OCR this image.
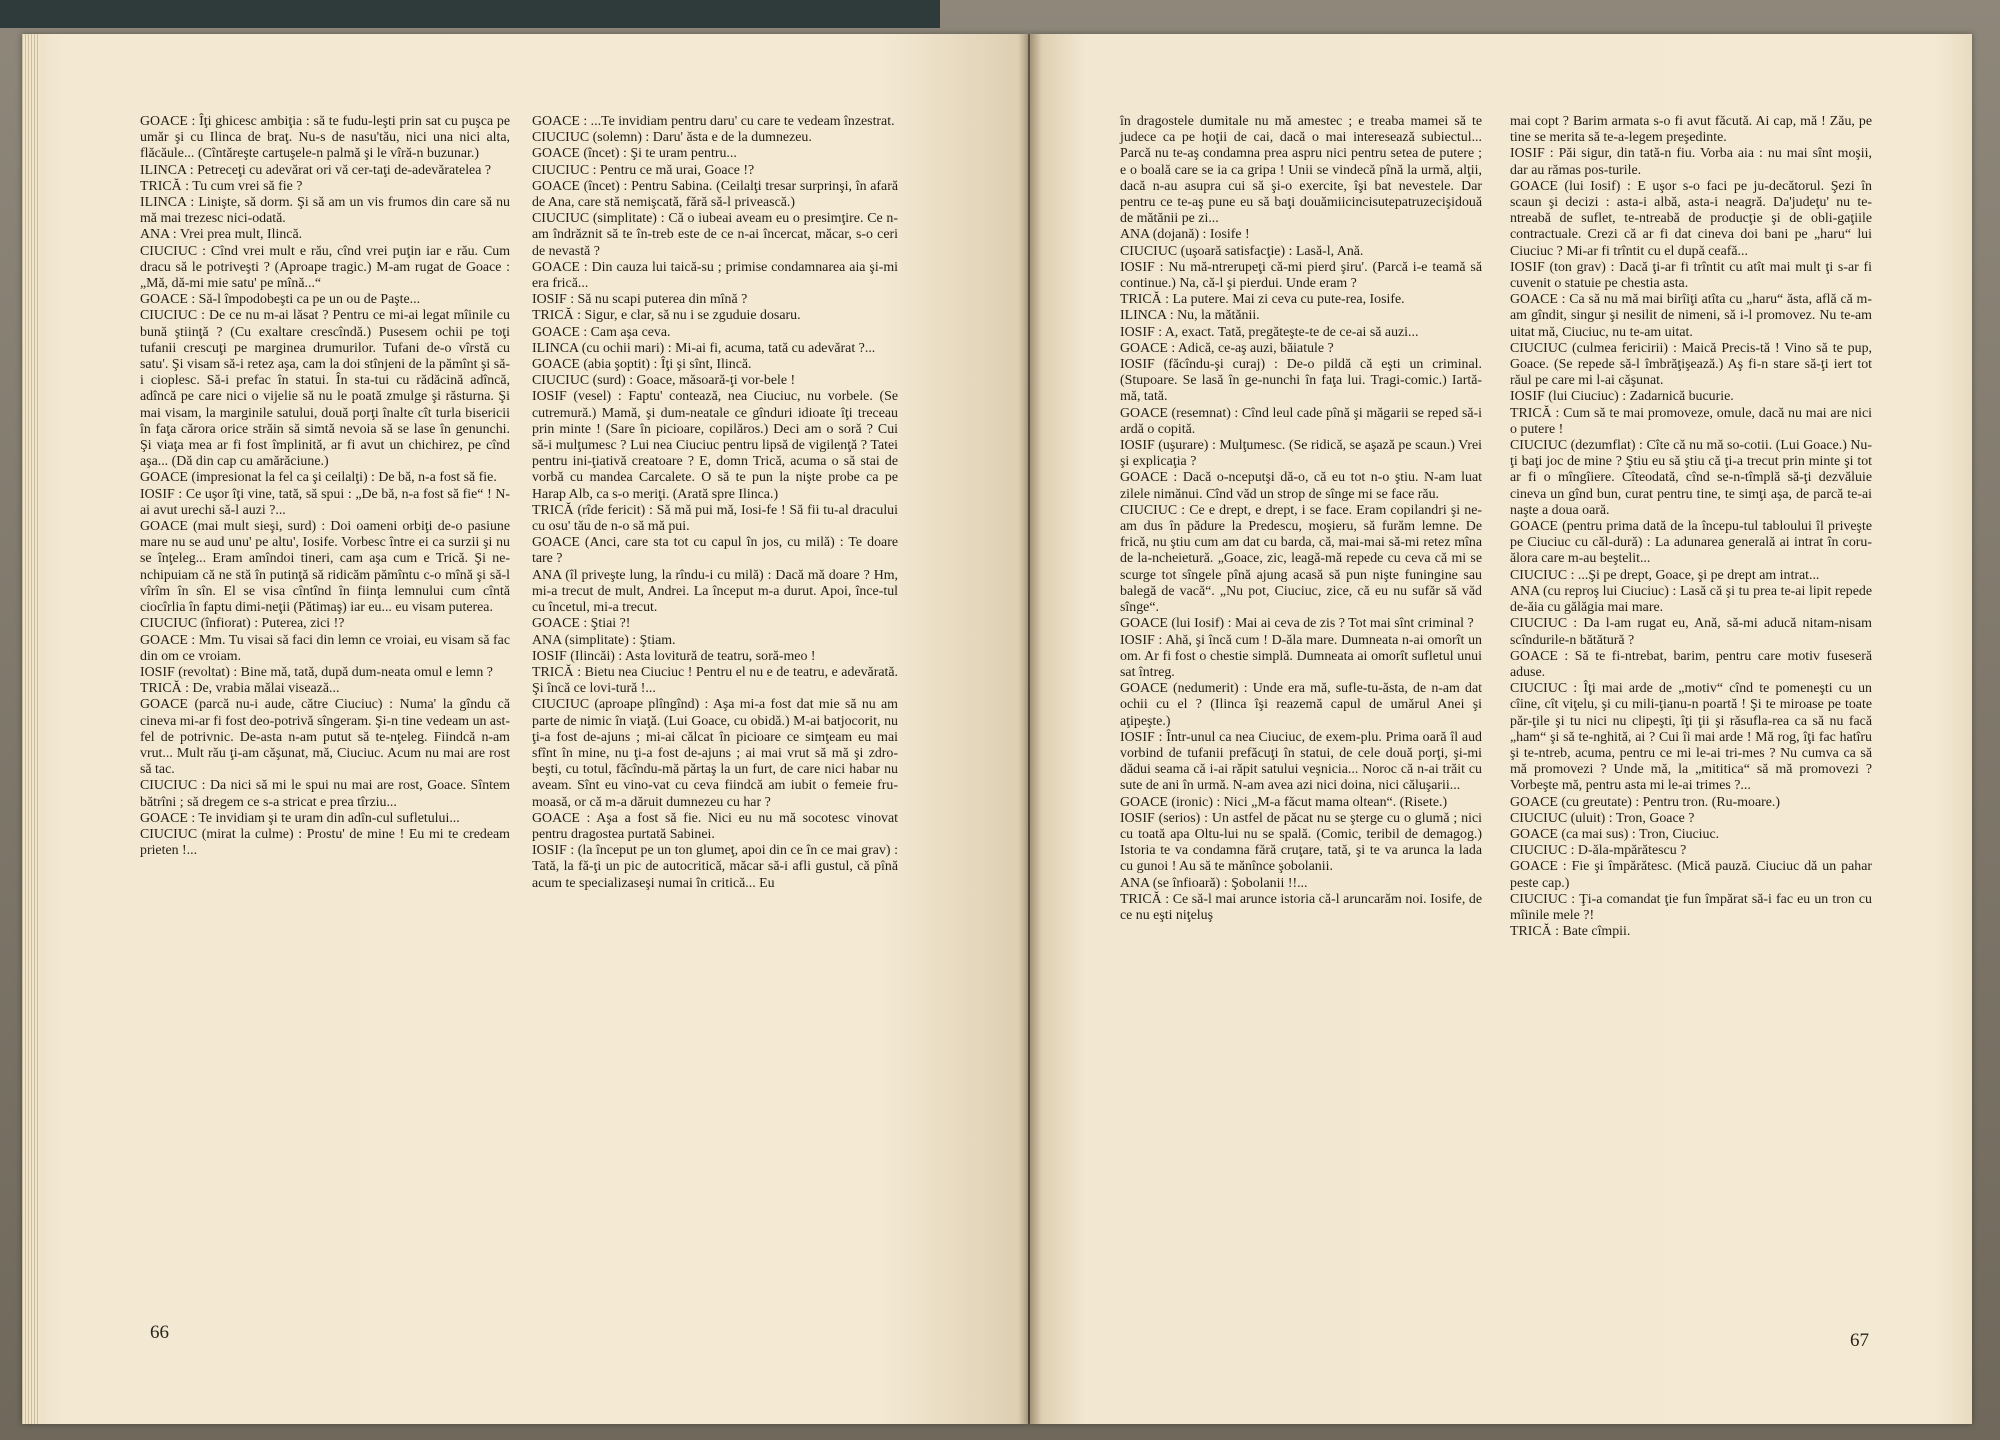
GOACE : Îţi ghicesc ambiţia : să te fudu-leşti prin sat cu puşca pe umăr şi cu Ilinca de braţ. Nu-s de nasu'tău, nici una nici alta, flăcăule... (Cîntăreşte cartuşele-n palmă şi le vîră-n buzunar.)

ILINCA : Petreceţi cu adevărat ori vă cer-taţi de-adevăratelea ?

TRICĂ : Tu cum vrei să fie ?

ILINCA : Linişte, să dorm. Şi să am un vis frumos din care să nu mă mai trezesc nici-odată.

ANA : Vrei prea mult, Ilincă.

CIUCIUC : Cînd vrei mult e rău, cînd vrei puţin iar e rău. Cum dracu să le potriveşti ? (Aproape tragic.) M-am rugat de Goace : „Mă, dă-mi mie satu' pe mînă...“

GOACE : Să-l împodobeşti ca pe un ou de Paşte...

CIUCIUC : De ce nu m-ai lăsat ? Pentru ce mi-ai legat mîinile cu bună ştiinţă ? (Cu exaltare crescîndă.) Pusesem ochii pe toţi tufanii crescuţi pe marginea drumurilor. Tufani de-o vîrstă cu satu'. Şi visam să-i retez aşa, cam la doi stînjeni de la pămînt şi să-i cioplesc. Să-i prefac în statui. În sta-tui cu rădăcină adîncă, adîncă pe care nici o vijelie să nu le poată zmulge şi răsturna. Şi mai visam, la marginile satului, două porţi înalte cît turla bisericii în faţa cărora orice străin să simtă nevoia să se lase în genunchi. Şi viaţa mea ar fi fost împlinită, ar fi avut un chichirez, pe cînd aşa... (Dă din cap cu amărăciune.)

GOACE (impresionat la fel ca şi ceilalţi) : De bă, n-a fost să fie.

IOSIF : Ce uşor îţi vine, tată, să spui : „De bă, n-a fost să fie“ ! N-ai avut urechi să-l auzi ?...

GOACE (mai mult sieşi, surd) : Doi oameni orbiţi de-o pasiune mare nu se aud unu' pe altu', Iosife. Vorbesc între ei ca surzii şi nu se înţeleg... Eram amîndoi tineri, cam aşa cum e Trică. Şi ne-nchipuiam că ne stă în putinţă să ridicăm pămîntu c-o mînă şi să-l vîrîm în sîn. El se visa cîntînd în fiinţa lemnului cum cîntă ciocîrlia în faptu dimi-neţii (Pătimaş) iar eu... eu visam puterea.

CIUCIUC (înfiorat) : Puterea, zici !?

GOACE : Mm. Tu visai să faci din lemn ce vroiai, eu visam să fac din om ce vroiam.

IOSIF (revoltat) : Bine mă, tată, după dum-neata omul e lemn ?

TRICĂ : De, vrabia mălai visează...

GOACE (parcă nu-i aude, către Ciuciuc) : Numa' la gîndu că cineva mi-ar fi fost deo-potrivă sîngeram. Şi-n tine vedeam un ast-fel de potrivnic. De-asta n-am putut să te-nţeleg. Fiindcă n-am vrut... Mult rău ţi-am căşunat, mă, Ciuciuc. Acum nu mai are rost să tac.

CIUCIUC : Da nici să mi le spui nu mai are rost, Goace. Sîntem bătrîni ; să dregem ce s-a stricat e prea tîrziu...

GOACE : Te invidiam şi te uram din adîn-cul sufletului...

CIUCIUC (mirat la culme) : Prostu' de mine ! Eu mi te credeam prieten !...

GOACE : ...Te invidiam pentru daru' cu care te vedeam înzestrat.

CIUCIUC (solemn) : Daru' ăsta e de la dumnezeu.

GOACE (încet) : Şi te uram pentru...

CIUCIUC : Pentru ce mă urai, Goace !?

GOACE (încet) : Pentru Sabina. (Ceilalţi tresar surprinşi, în afară de Ana, care stă nemişcată, fără să-l privească.)

CIUCIUC (simplitate) : Că o iubeai aveam eu o presimţire. Ce n-am îndrăznit să te în-treb este de ce n-ai încercat, măcar, s-o ceri de nevastă ?

GOACE : Din cauza lui taică-su ; primise condamnarea aia şi-mi era frică...

IOSIF : Să nu scapi puterea din mînă ?

TRICĂ : Sigur, e clar, să nu i se zguduie dosaru.

GOACE : Cam aşa ceva.

ILINCA (cu ochii mari) : Mi-ai fi, acuma, tată cu adevărat ?...

GOACE (abia şoptit) : Îţi şi sînt, Ilincă.

CIUCIUC (surd) : Goace, măsoară-ţi vor-bele !

IOSIF (vesel) : Faptu' contează, nea Ciuciuc, nu vorbele. (Se cutremură.) Mamă, şi dum-neatale ce gînduri idioate îţi treceau prin minte ! (Sare în picioare, copilăros.) Deci am o soră ? Cui să-i mulţumesc ? Lui nea Ciuciuc pentru lipsă de vigilenţă ? Tatei pentru ini-ţiativă creatoare ? E, domn Trică, acuma o să stai de vorbă cu mandea Carcalete. O să te pun la nişte probe ca pe Harap Alb, ca s-o meriţi. (Arată spre Ilinca.)

TRICĂ (rîde fericit) : Să mă pui mă, Iosi-fe ! Să fii tu-al dracului cu osu' tău de n-o să mă pui.

GOACE (Anci, care sta tot cu capul în jos, cu milă) : Te doare tare ?

ANA (îl priveşte lung, la rîndu-i cu milă) : Dacă mă doare ? Hm, mi-a trecut de mult, Andrei. La început m-a durut. Apoi, înce-tul cu încetul, mi-a trecut.

GOACE : Ştiai ?!

ANA (simplitate) : Ştiam.

IOSIF (Ilincăi) : Asta lovitură de teatru, soră-meo !

TRICĂ : Bietu nea Ciuciuc ! Pentru el nu e de teatru, e adevărată. Şi încă ce lovi-tură !...

CIUCIUC (aproape plîngînd) : Aşa mi-a fost dat mie să nu am parte de nimic în viaţă. (Lui Goace, cu obidă.) M-ai batjocorit, nu ţi-a fost de-ajuns ; mi-ai călcat în picioare ce simţeam eu mai sfînt în mine, nu ţi-a fost de-ajuns ; ai mai vrut să mă şi zdro-beşti, cu totul, făcîndu-mă părtaş la un furt, de care nici habar nu aveam. Sînt eu vino-vat cu ceva fiindcă am iubit o femeie fru-moasă, or că m-a dăruit dumnezeu cu har ?

GOACE : Aşa a fost să fie. Nici eu nu mă socotesc vinovat pentru dragostea purtată Sabinei.

IOSIF : (la început pe un ton glumeţ, apoi din ce în ce mai grav) : Tată, la fă-ţi un pic de autocritică, măcar să-i afli gustul, că pînă acum te specializaseşi numai în critică... Eu

în dragostele dumitale nu mă amestec ; e treaba mamei să te judece ca pe hoţii de cai, dacă o mai interesează subiectul... Parcă nu te-aş condamna prea aspru nici pentru setea de putere ; e o boală care se ia ca gripa ! Unii se vindecă pînă la urmă, alţii, dacă n-au asupra cui să şi-o exercite, îşi bat nevestele. Dar pentru ce te-aş pune eu să baţi douămiicincisutepatruzecişidouă de mătănii pe zi...

ANA (dojană) : Iosife !

CIUCIUC (uşoară satisfacţie) : Lasă-l, Ană.

IOSIF : Nu mă-ntrerupeţi că-mi pierd şiru'. (Parcă i-e teamă să continue.) Na, că-l şi pierdui. Unde eram ?

TRICĂ : La putere. Mai zi ceva cu pute-rea, Iosife.

ILINCA : Nu, la mătănii.

IOSIF : A, exact. Tată, pregăteşte-te de ce-ai să auzi...

GOACE : Adică, ce-aş auzi, băiatule ?

IOSIF (făcîndu-şi curaj) : De-o pildă că eşti un criminal. (Stupoare. Se lasă în ge-nunchi în faţa lui. Tragi-comic.) Iartă-mă, tată.

GOACE (resemnat) : Cînd leul cade pînă şi măgarii se reped să-i ardă o copită.

IOSIF (uşurare) : Mulţumesc. (Se ridică, se aşază pe scaun.) Vrei şi explicaţia ?

GOACE : Dacă o-nceputşi dă-o, că eu tot n-o ştiu. N-am luat zilele nimănui. Cînd văd un strop de sînge mi se face rău.

CIUCIUC : Ce e drept, e drept, i se face. Eram copilandri şi ne-am dus în pădure la Predescu, moşieru, să furăm lemne. De frică, nu ştiu cum am dat cu barda, că, mai-mai să-mi retez mîna de la-ncheietură. „Goace, zic, leagă-mă repede cu ceva că mi se scurge tot sîngele pînă ajung acasă să pun nişte funingine sau balegă de vacă“. „Nu pot, Ciuciuc, zice, că eu nu sufăr să văd sînge“.

GOACE (lui Iosif) : Mai ai ceva de zis ? Tot mai sînt criminal ?

IOSIF : Ahă, şi încă cum ! D-ăla mare. Dumneata n-ai omorît un om. Ar fi fost o chestie simplă. Dumneata ai omorît sufletul unui sat întreg.

GOACE (nedumerit) : Unde era mă, sufle-tu-ăsta, de n-am dat ochii cu el ? (Ilinca îşi reazemă capul de umărul Anei şi aţipeşte.)

IOSIF : Într-unul ca nea Ciuciuc, de exem-plu. Prima oară îl aud vorbind de tufanii prefăcuţi în statui, de cele două porţi, şi-mi dădui seama că i-ai răpit satului veşnicia... Noroc că n-ai trăit cu sute de ani în urmă. N-am avea azi nici doina, nici căluşarii...

GOACE (ironic) : Nici „M-a făcut mama oltean“. (Risete.)

IOSIF (serios) : Un astfel de păcat nu se şterge cu o glumă ; nici cu toată apa Oltu-lui nu se spală. (Comic, teribil de demagog.) Istoria te va condamna fără cruţare, tată, şi te va arunca la lada cu gunoi ! Au să te mănînce şobolanii.

ANA (se înfioară) : Şobolanii !!...

TRICĂ : Ce să-l mai arunce istoria că-l aruncarăm noi. Iosife, de ce nu eşti niţeluş

mai copt ? Barim armata s-o fi avut făcută. Ai cap, mă ! Zău, pe tine se merita să te-a-legem preşedinte.

IOSIF : Păi sigur, din tată-n fiu. Vorba aia : nu mai sînt moşii, dar au rămas pos-turile.

GOACE (lui Iosif) : E uşor s-o faci pe ju-decătorul. Şezi în scaun şi decizi : asta-i albă, asta-i neagră. Da'judeţu' nu te-ntreabă de suflet, te-ntreabă de producţie şi de obli-gaţiile contractuale. Crezi că ar fi dat cineva doi bani pe „haru“ lui Ciuciuc ? Mi-ar fi trîntit cu el după ceafă...

IOSIF (ton grav) : Dacă ţi-ar fi trîntit cu atît mai mult ţi s-ar fi cuvenit o statuie pe chestia asta.

GOACE : Ca să nu mă mai birîiţi atîta cu „haru“ ăsta, află că m-am gîndit, singur şi nesilit de nimeni, să i-l promovez. Nu te-am uitat mă, Ciuciuc, nu te-am uitat.

CIUCIUC (culmea fericirii) : Maică Precis-tă ! Vino să te pup, Goace. (Se repede să-l îmbrăţişează.) Aş fi-n stare să-ţi iert tot răul pe care mi l-ai căşunat.

IOSIF (lui Ciuciuc) : Zadarnică bucurie.

TRICĂ : Cum să te mai promoveze, omule, dacă nu mai are nici o putere !

CIUCIUC (dezumflat) : Cîte că nu mă so-cotii. (Lui Goace.) Nu-ţi baţi joc de mine ? Ştiu eu să ştiu că ţi-a trecut prin minte şi tot ar fi o mîngîiere. Cîteodată, cînd se-n-tîmplă să-ţi dezvăluie cineva un gînd bun, curat pentru tine, te simţi aşa, de parcă te-ai naşte a doua oară.

GOACE (pentru prima dată de la începu-tul tabloului îl priveşte pe Ciuciuc cu căl-dură) : La adunarea generală ai intrat în coru-ălora care m-au beştelit...

CIUCIUC : ...Şi pe drept, Goace, şi pe drept am intrat...

ANA (cu reproş lui Ciuciuc) : Lasă că şi tu prea te-ai lipit repede de-ăia cu gălăgia mai mare.

CIUCIUC : Da l-am rugat eu, Ană, să-mi aducă nitam-nisam scîndurile-n bătătură ?

GOACE : Să te fi-ntrebat, barim, pentru care motiv fuseseră aduse.

CIUCIUC : Îţi mai arde de „motiv“ cînd te pomeneşti cu un cîine, cît viţelu, şi cu mili-ţianu-n poartă ! Şi te miroase pe toate păr-ţile şi tu nici nu clipeşti, îţi ţii şi răsufla-rea ca să nu facă „ham“ şi să te-nghită, ai ? Cui îi mai arde ! Mă rog, îţi fac hatîru şi te-ntreb, acuma, pentru ce mi le-ai tri-mes ? Nu cumva ca să mă promovezi ? Unde mă, la „mititica“ să mă promovezi ? Vorbeşte mă, pentru asta mi le-ai trimes ?...

GOACE (cu greutate) : Pentru tron. (Ru-moare.)

CIUCIUC (uluit) : Tron, Goace ?

GOACE (ca mai sus) : Tron, Ciuciuc.

CIUCIUC : D-ăla-mpărătescu ?

GOACE : Fie şi împărătesc. (Mică pauză. Ciuciuc dă un pahar peste cap.)

CIUCIUC : Ţi-a comandat ţie fun împărat să-i fac eu un tron cu mîinile mele ?!

TRICĂ : Bate cîmpii.

66	67
